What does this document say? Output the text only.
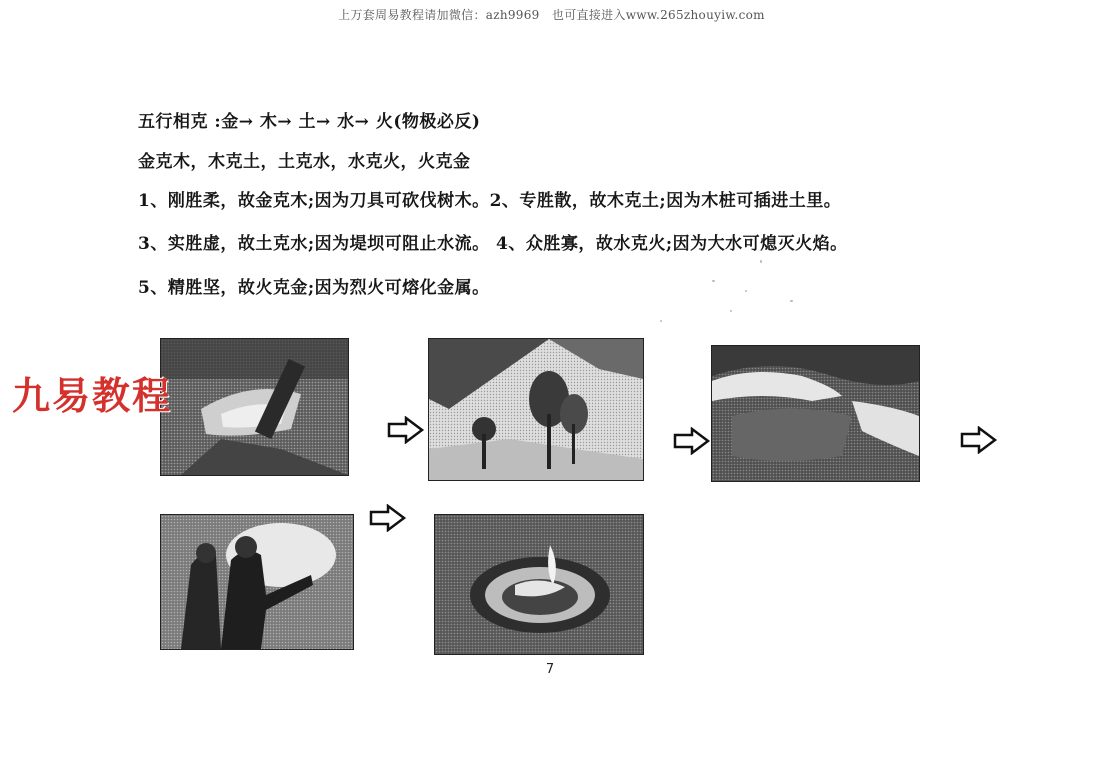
上万套周易教程请加微信：azh9969　也可直接进入www.265zhouyiw.com
五行相克 :金→ 木→ 土→ 水→ 火(物极必反)
金克木，木克土，土克水，水克火，火克金
1、刚胜柔，故金克木;因为刀具可砍伐树木。2、专胜散，故木克土;因为木桩可插进土里。
3、实胜虚，故土克水;因为堤坝可阻止水流。 4、众胜寡，故水克火;因为大水可熄灭火焰。
5、精胜坚，故火克金;因为烈火可熔化金属。
九易教程
7
